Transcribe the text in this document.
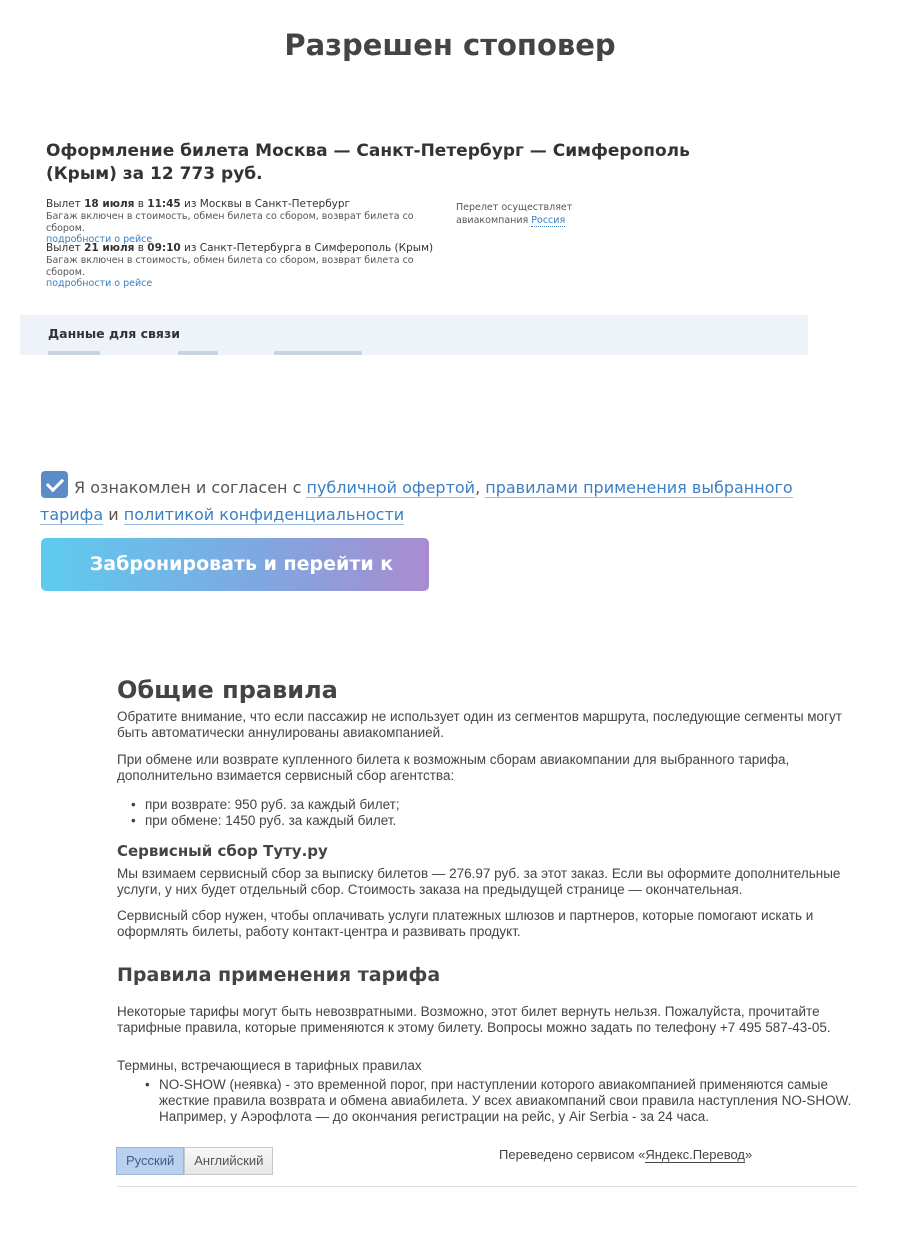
Разрешен стоповер
Оформление билета Москва — Санкт-Петербург — Симферополь (Крым) за 12 773 руб.
Вылет 18 июля в 11:45 из Москвы в Санкт-Петербург
Багаж включен в стоимость, обмен билета со сбором, возврат билета со сбором.
подробности о рейсе
Вылет 21 июля в 09:10 из Санкт-Петербурга в Симферополь (Крым)
Багаж включен в стоимость, обмен билета со сбором, возврат билета со сбором.
подробности о рейсе
Перелет осуществляет
авиакомпания Россия
Данные для связи
Я ознакомлен и согласен с публичной офертой, правилами применения выбранного тарифа и политикой конфиденциальности
Забронировать и перейти к оплате
Общие правила
Обратите внимание, что если пассажир не использует один из сегментов маршрута, последующие сегменты могут быть автоматически аннулированы авиакомпанией.
При обмене или возврате купленного билета к возможным сборам авиакомпании для выбранного тарифа, дополнительно взимается сервисный сбор агентства:
• при возврате: 950 руб. за каждый билет;
• при обмене: 1450 руб. за каждый билет.
Сервисный сбор Туту.ру
Мы взимаем сервисный сбор за выписку билетов — 276.97 руб. за этот заказ. Если вы оформите дополнительные услуги, у них будет отдельный сбор. Стоимость заказа на предыдущей странице — окончательная.
Сервисный сбор нужен, чтобы оплачивать услуги платежных шлюзов и партнеров, которые помогают искать и оформлять билеты, работу контакт-центра и развивать продукт.
Правила применения тарифа
Некоторые тарифы могут быть невозвратными. Возможно, этот билет вернуть нельзя. Пожалуйста, прочитайте тарифные правила, которые применяются к этому билету. Вопросы можно задать по телефону +7 495 587-43-05.
Термины, встречающиеся в тарифных правилах
• NO-SHOW (неявка) - это временной порог, при наступлении которого авиакомпанией применяются самые жесткие правила возврата и обмена авиабилета. У всех авиакомпаний свои правила наступления NO-SHOW. Например, у Аэрофлота — до окончания регистрации на рейс, у Air Serbia - за 24 часа.
Русский	Английский	Переведено сервисом «Яндекс.Перевод»
